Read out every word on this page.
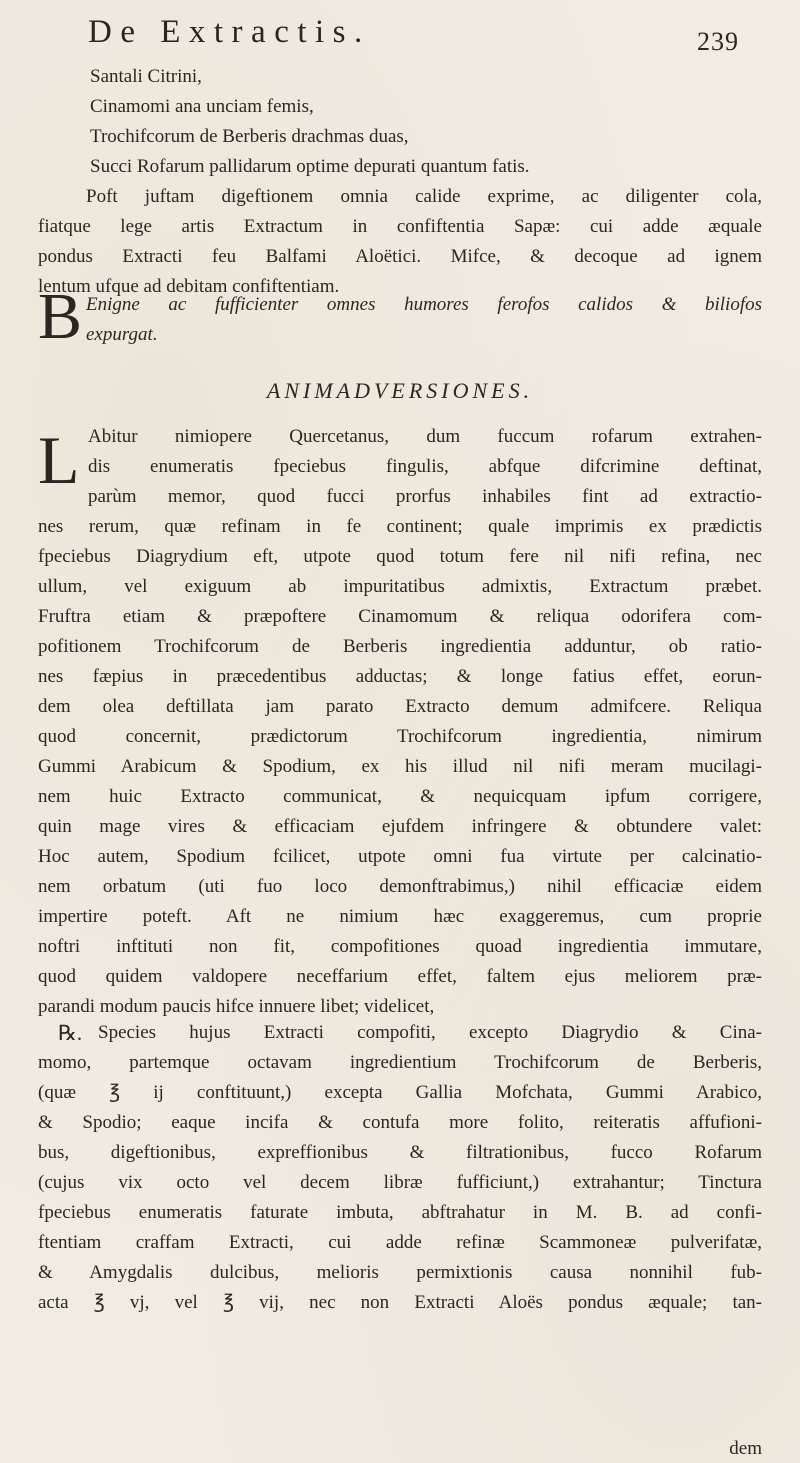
De Extractis.	239
Santali Citrini,
Cinamomi ana unciam femis,
Trochifcorum de Berberis drachmas duas,
Succi Rofarum pallidarum optime depurati quantum fatis.
Poft juftam digeftionem omnia calide exprime, ac diligenter cola,
fiatque lege artis Extractum in confiftentia Sapæ: cui adde æquale
pondus Extracti feu Balfami Aloëtici. Mifce, & decoque ad ignem
lentum ufque ad debitam confiftentiam.
B Enigne ac fufficienter omnes humores ferofos calidos & biliofos
expurgat.
ANIMADVERSIONES.
L Abitur nimiopere Quercetanus, dum fuccum rofarum extrahen-
dis enumeratis fpeciebus fingulis, abfque difcrimine deftinat,
parùm memor, quod fucci prorfus inhabiles fint ad extractio-
nes rerum, quæ refinam in fe continent; quale imprimis ex prædictis
fpeciebus Diagrydium eft, utpote quod totum fere nil nifi refina, nec
ullum, vel exiguum ab impuritatibus admixtis, Extractum præbet.
Fruftra etiam & præpoftere Cinamomum & reliqua odorifera com-
pofitionem Trochifcorum de Berberis ingredientia adduntur, ob ratio-
nes fæpius in præcedentibus adductas; & longe fatius effet, eorun-
dem olea deftillata jam parato Extracto demum admifcere. Reliqua
quod concernit, prædictorum Trochifcorum ingredientia, nimirum
Gummi Arabicum & Spodium, ex his illud nil nifi meram mucilagi-
nem huic Extracto communicat, & nequicquam ipfum corrigere,
quin mage vires & efficaciam ejufdem infringere & obtundere valet:
Hoc autem, Spodium fcilicet, utpote omni fua virtute per calcinatio-
nem orbatum (uti fuo loco demonftrabimus,) nihil efficaciæ eidem
impertire poteft. Aft ne nimium hæc exaggeremus, cum proprie
noftri inftituti non fit, compofitiones quoad ingredientia immutare,
quod quidem valdopere neceffarium effet, faltem ejus meliorem præ-
parandi modum paucis hifce innuere libet; videlicet,
℞. Species hujus Extracti compofiti, excepto Diagrydio & Cina-
momo, partemque octavam ingredientium Trochifcorum de Berberis,
(quæ ℥ ij conftituunt,) excepta Gallia Mofchata, Gummi Arabico,
& Spodio; eaque incifa & contufa more folito, reiteratis affufioni-
bus, digeftionibus, expreffionibus & filtrationibus, fucco Rofarum
(cujus vix octo vel decem libræ fufficiunt,) extrahantur; Tinctura
fpeciebus enumeratis faturate imbuta, abftrahatur in M. B. ad confi-
ftentiam craffam Extracti, cui adde refinæ Scammoneæ pulverifatæ,
& Amygdalis dulcibus, melioris permixtionis causa nonnihil fub-
acta ℥ vj, vel ℥ vij, nec non Extracti Aloës pondus æquale; tan-
dem
